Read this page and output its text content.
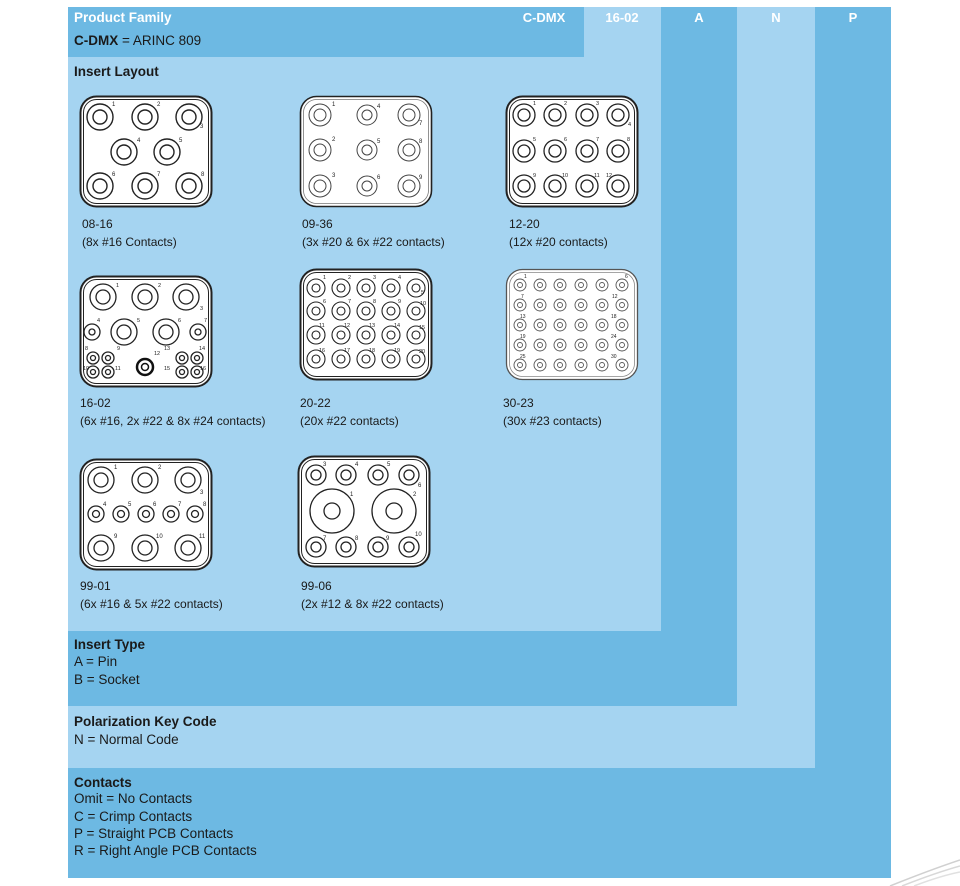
Product Family
C-DMX = ARINC 809
C-DMX	16-02	A	N	P
Insert Layout
1	2
3
4	5
6	7	8
1	4
7
2	5	8
3	6	9
1	2	3
4
5	6	7	8
9	10	11 12
1	2
3
4	5	6	7
8	9
12
13	14
10	11	15	16
1	2	3	4
5
6	7	8	9	10
11	12	13	14	15
16	17	18	19	20
1	6
7	12
13	18
19	24
25	30
1	2
3
4	5	6	7	8
9	10	11
3	4	5
6
1	2
7	8	9
10
08-16
(8x #16 Contacts)
09-36
(3x #20 & 6x #22 contacts)
12-20
(12x #20 contacts)
16-02
(6x #16, 2x #22 & 8x #24 contacts)
20-22
(20x #22 contacts)
30-23
(30x #23 contacts)
99-01
(6x #16 & 5x #22 contacts)
99-06
(2x #12 & 8x #22 contacts)
Insert Type
A = Pin
B = Socket
Polarization Key Code
N = Normal Code
Contacts
Omit = No Contacts
C = Crimp Contacts
P = Straight PCB Contacts
R = Right Angle PCB Contacts
